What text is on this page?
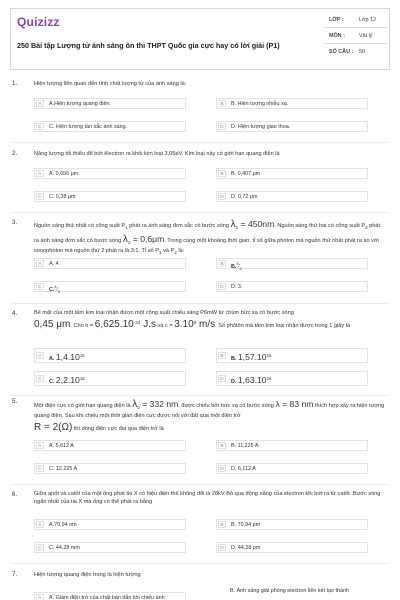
Quizizz
250 Bài tập Lượng tử ánh sáng ôn thi THPT Quốc gia cực hay có lời giải (P1)
LỚP :	Lớp 12
MÔN :	Vật lý
SỐ CÂU : 50
1.	Hiện tượng liên quan đến tính chất lượng tử của ánh sáng là:
A	A.Hiện tượng quang điện.	B	B. Hiện tượng nhiễu xạ.
C	C. Hiện tượng tán sắc ánh sáng.	D	D. Hiện tượng giao thoa.
2.	Năng lượng tối thiểu để bứt êlectron ra khỏi kim loại 3,05eV. Kim loại này có giới hạn quang điện là
A	A. 0,656 μm	B	B. 0,407 μm
C	C. 0,38 μm	D	D. 0,72 μm
3.	Nguồn sáng thứ nhất có công suất $P_1$ phát ra ánh sáng đơn sắc có bước sóng $\lambda_1 = 450nm$. Nguồn sáng thứ hai có công suất $P_2$ phát ra ánh sáng đơn sắc có bước sóng $\lambda_2 = 0,6\mu m$. Trong cùng một khoảng thời gian, tỉ số giữa photon mà nguồn thứ nhất phát ra so với sooophoton mà nguồn thứ 2 phát ra là 3:1. Tỉ số $P_1$ và $P_2$ là:
A	A. 4.	B	$B.^9⁄_4$
C	$C.^4⁄_3$
D	D. 3.
4.	Bề mặt của một tấm kim loại nhận được một công suất chiếu sáng P6mW từ chùm bức xạ có bước sóng
0,45 μm. Cho $h = 6,625.10^{-34}$ J.s và $c = 3.10^8$ m/s. Số phôtôn mà tấm kim loại nhận được trong 1 giây là
A	A. 1,4.10$^{16}$	B	B. 1,57.10$^{16}$
C	C. 2,2.10$^{16}$	D	D. 1,63.10$^{16}$
5.
Một điện cực có giới hạn quang điện là $\lambda_0 = 332$ nm, được chiếu bởi bức xạ có bước sóng λ = 83 nm thích hợp xảy ra hiện tượng quang điện. Sau khi chiếu một thời gian điện cực được nối với đất qua một điện trở
R = 2(Ω) thì dòng điện cực đại qua điện trở là
A	A. 5,612 A	B	B. 11,225 A
C	C. 12,225 A	D	D. 6,112 A
6.	Giữa anốt và catốt của một ống phát tia X có hiệu điện thế không đổi là 28kV Bỏ qua động năng của electron khi bứt ra từ catốt. Bước sóng ngắn nhất của tia X mà ống có thể phát ra bằng
A	A.70,94 nm	B	B. 70,94 pm
C	C. 44,28 mm	D	D. 44,28 pm
7.	Hiện tượng quang điện trong là hiện tượng
A	A. Giảm điện trở của chất bán dẫn khi chiếu ánh
B. Ánh sáng giải phóng electron liên kết tạo thành
